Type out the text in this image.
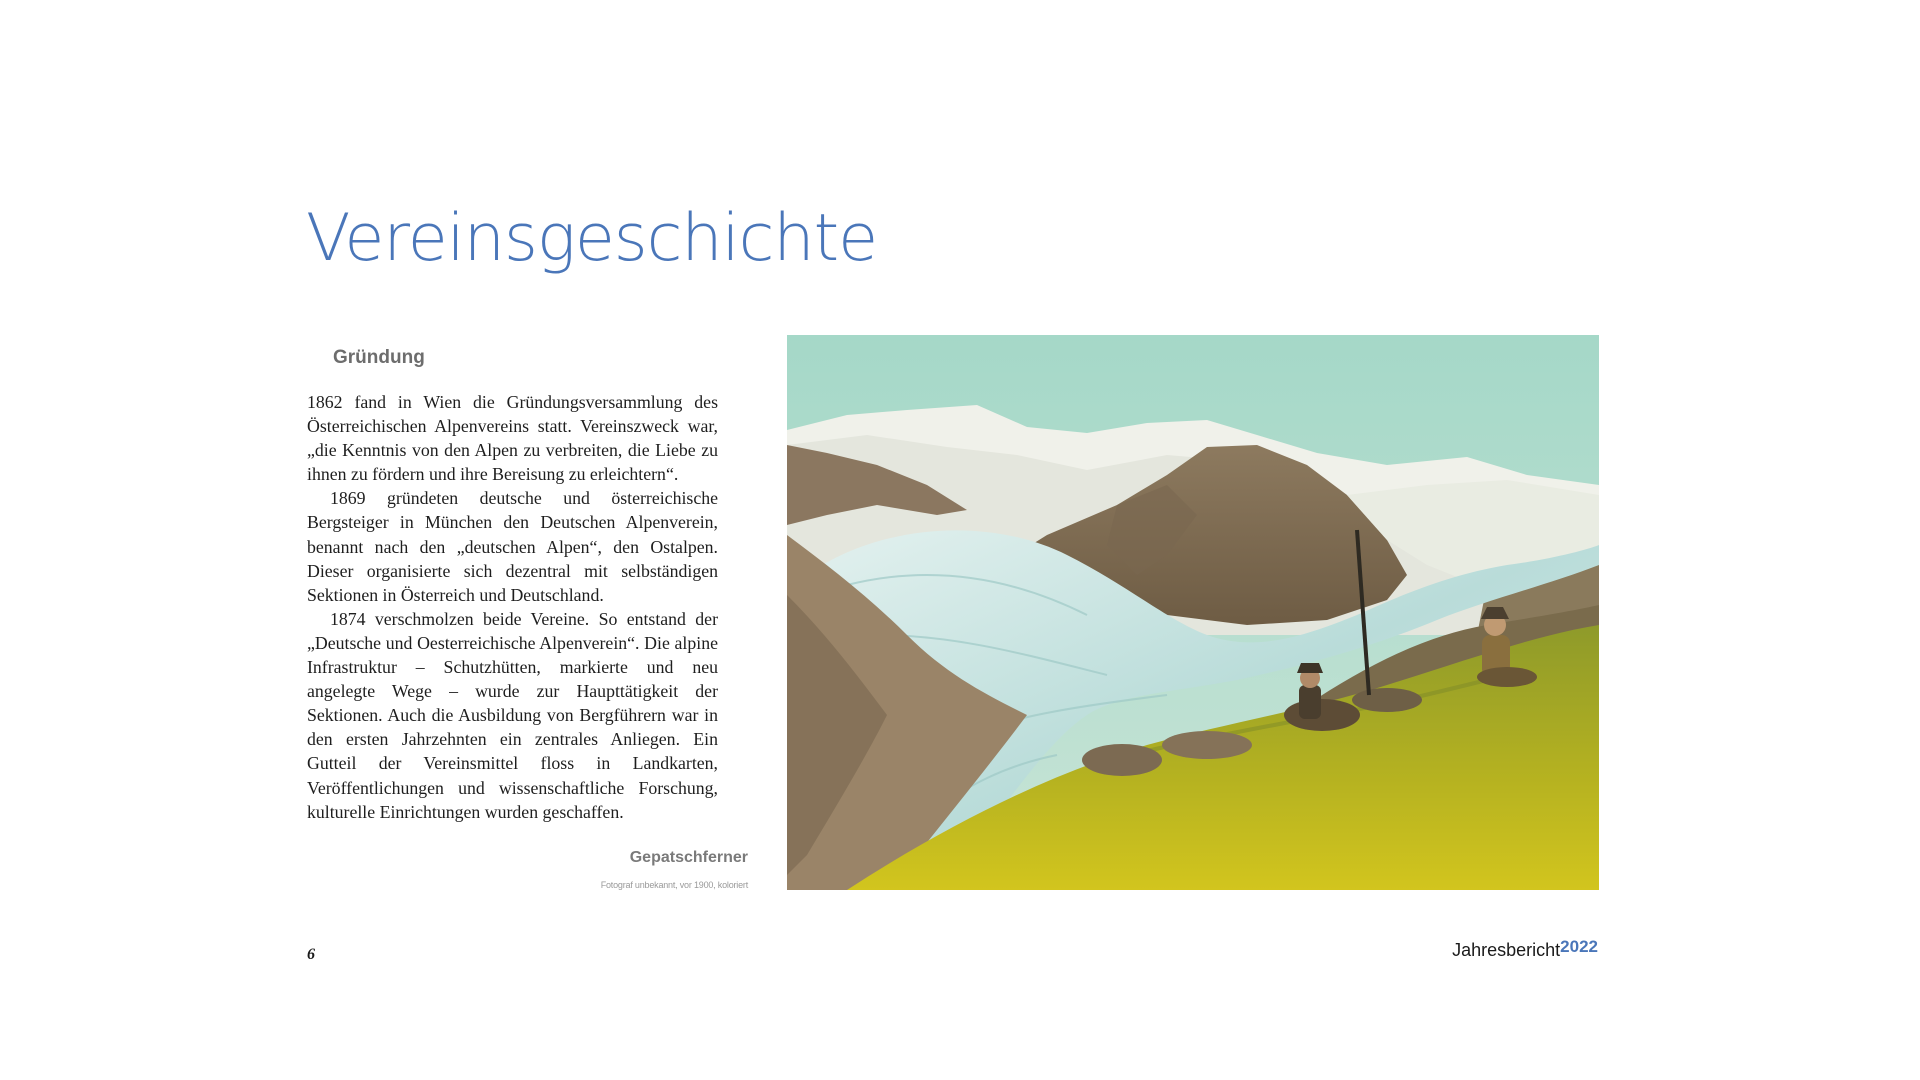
Vereinsgeschichte
Gründung

1862 fand in Wien die Gründungsversammlung des Österreichischen Alpenvereins statt. Vereinszweck war, „die Kenntnis von den Alpen zu verbreiten, die Liebe zu ihnen zu fördern und ihre Bereisung zu erleichtern“.

1869 gründeten deutsche und österreichische Bergsteiger in München den Deutschen Alpenverein, benannt nach den „deutschen Alpen“, den Ostalpen. Dieser organisierte sich dezentral mit selbständigen Sektionen in Österreich und Deutschland.

1874 verschmolzen beide Vereine. So entstand der „Deutsche und Oesterreichische Alpenverein“. Die alpine Infrastruktur – Schutzhütten, markierte und neu angelegte Wege – wurde zur Haupttätigkeit der Sektionen. Auch die Ausbildung von Bergführern war in den ersten Jahrzehnten ein zentrales Anliegen. Ein Gutteil der Vereinsmittel floss in Landkarten, Veröffentlichungen und wissenschaftliche Forschung, kulturelle Einrichtungen wurden geschaffen.

Gepatschferner
Fotograf unbekannt, vor 1900, koloriert
6	Jahresbericht2022
